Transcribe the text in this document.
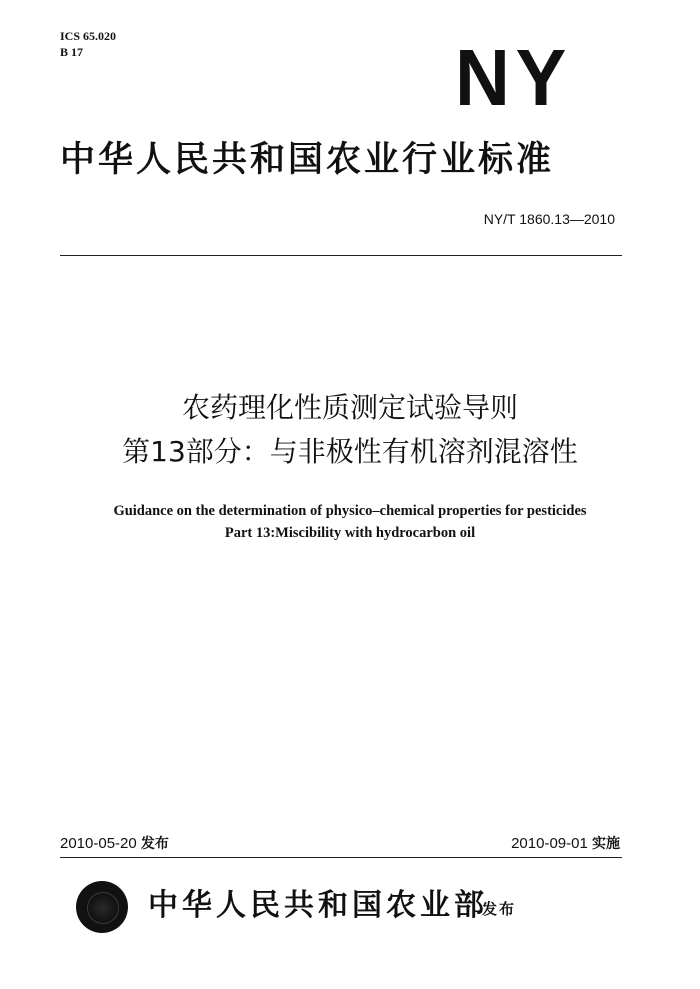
ICS 65.020
B 17	NY
中华人民共和国农业行业标准
NY/T 1860.13—2010
农药理化性质测定试验导则
第13部分：与非极性有机溶剂混溶性
Guidance on the determination of physico–chemical properties for pesticides
Part 13:Miscibility with hydrocarbon oil
2010-05-20 发布	2010-09-01 实施
中华人民共和国农业部
发布
